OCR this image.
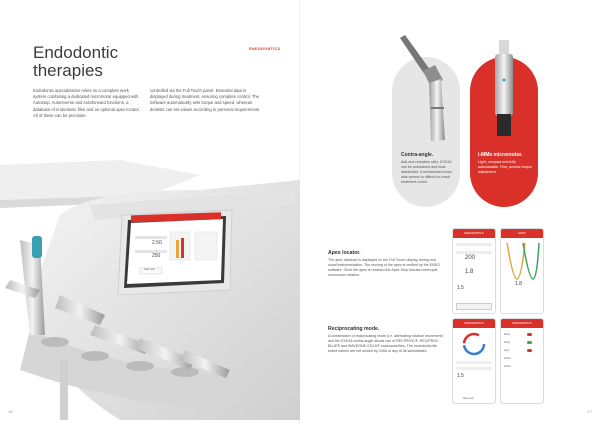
Endodontic
therapies
Endodontic specialization relies on a complete work system combining a dedicated micromotor equipped with Autostop, Autoreverse and Autoforward functions, a database of endodontic files and an optional apex locator. All of these can be precision-
controlled via the Full Touch panel. Essential data is displayed during treatment, ensuring complete control. The software automatically sets torque and speed, whereas dentists can set values according to personal requirements.
ENDODONTICS
2.50
250
Stop Lock
16
ENDODONTICS
Contra-angle.
Anti-and reduction ratio, EXD16 can be autoclaved and heat-disinfected. A miniaturised head aids access to difficult-to-reach treatment zones.
i-MMs micromotor.
Light, compact and fully autoclavable. Fine, precise torque adjustment.
Apex locator.
The apex distance is displayed on the Full Touch display during root canal instrumentation. The moving of the apex is verified by the ENDO software. Once the apex is reached the Apex Stop function interrupts micromotor rotation.
Reciprocating mode.
A combination of reciprocating mode (i.e. alternating rotation movement) and the EXD16 contra-angle allows use of RECIPROC®, RECIPROC BLUE® and WAVEONE GOLD® endocanal files. The endodontic file brand names are not owned by Cefla or any of its subsidiaries.
ENDODONTICS
200
1.8
1.5
ENDO
1.8
ENDODONTICS
1.5
Stop Lock
ENDODONTICS
Mode
Rotat
Apex
Reflex
Reflex
17
